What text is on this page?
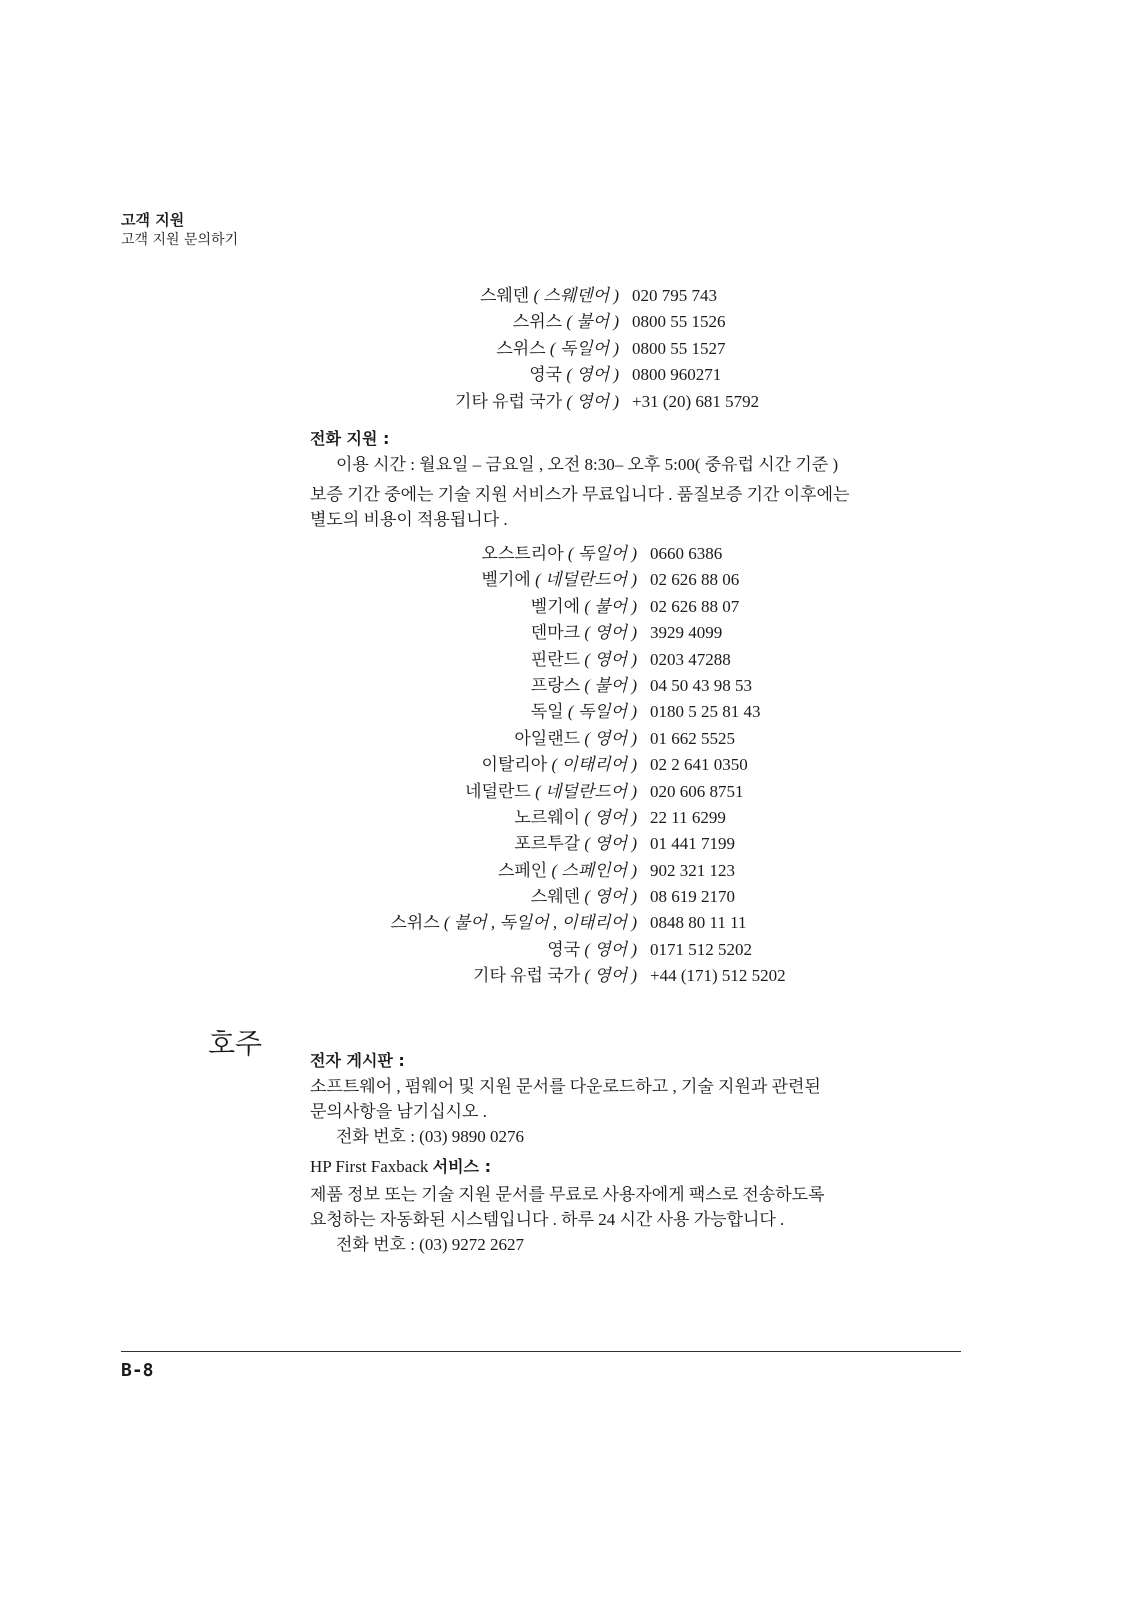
고객 지원
고객 지원 문의하기
스웨덴 ( 스웨덴어 ) 020 795 743
스위스 ( 불어 ) 0800 55 1526
스위스 ( 독일어 ) 0800 55 1527
영국 ( 영어 ) 0800 960271
기타 유럽 국가 ( 영어 ) +31 (20) 681 5792
전화 지원 :
이용 시간 : 월요일 – 금요일 , 오전 8:30– 오후 5:00( 중유럽 시간 기준 )
보증 기간 중에는 기술 지원 서비스가 무료입니다 . 품질보증 기간 이후에는
별도의 비용이 적용됩니다 .
오스트리아 ( 독일어 ) 0660 6386
벨기에 ( 네덜란드어 ) 02 626 88 06
벨기에 ( 불어 ) 02 626 88 07
덴마크 ( 영어 ) 3929 4099
핀란드 ( 영어 ) 0203 47288
프랑스 ( 불어 ) 04 50 43 98 53
독일 ( 독일어 ) 0180 5 25 81 43
아일랜드 ( 영어 ) 01 662 5525
이탈리아 ( 이태리어 ) 02 2 641 0350
네덜란드 ( 네덜란드어 ) 020 606 8751
노르웨이 ( 영어 ) 22 11 6299
포르투갈 ( 영어 ) 01 441 7199
스페인 ( 스페인어 ) 902 321 123
스웨덴 ( 영어 ) 08 619 2170
스위스 ( 불어 , 독일어 , 이태리어 ) 0848 80 11 11
영국 ( 영어 ) 0171 512 5202
기타 유럽 국가 ( 영어 ) +44 (171) 512 5202
호주
전자 게시판 :
소프트웨어 , 펌웨어 및 지원 문서를 다운로드하고 , 기술 지원과 관련된
문의사항을 남기십시오 .
전화 번호 : (03) 9890 0276
HP First Faxback 서비스 :
제품 정보 또는 기술 지원 문서를 무료로 사용자에게 팩스로 전송하도록
요청하는 자동화된 시스템입니다 . 하루 24 시간 사용 가능합니다 .
전화 번호 : (03) 9272 2627
B-8
